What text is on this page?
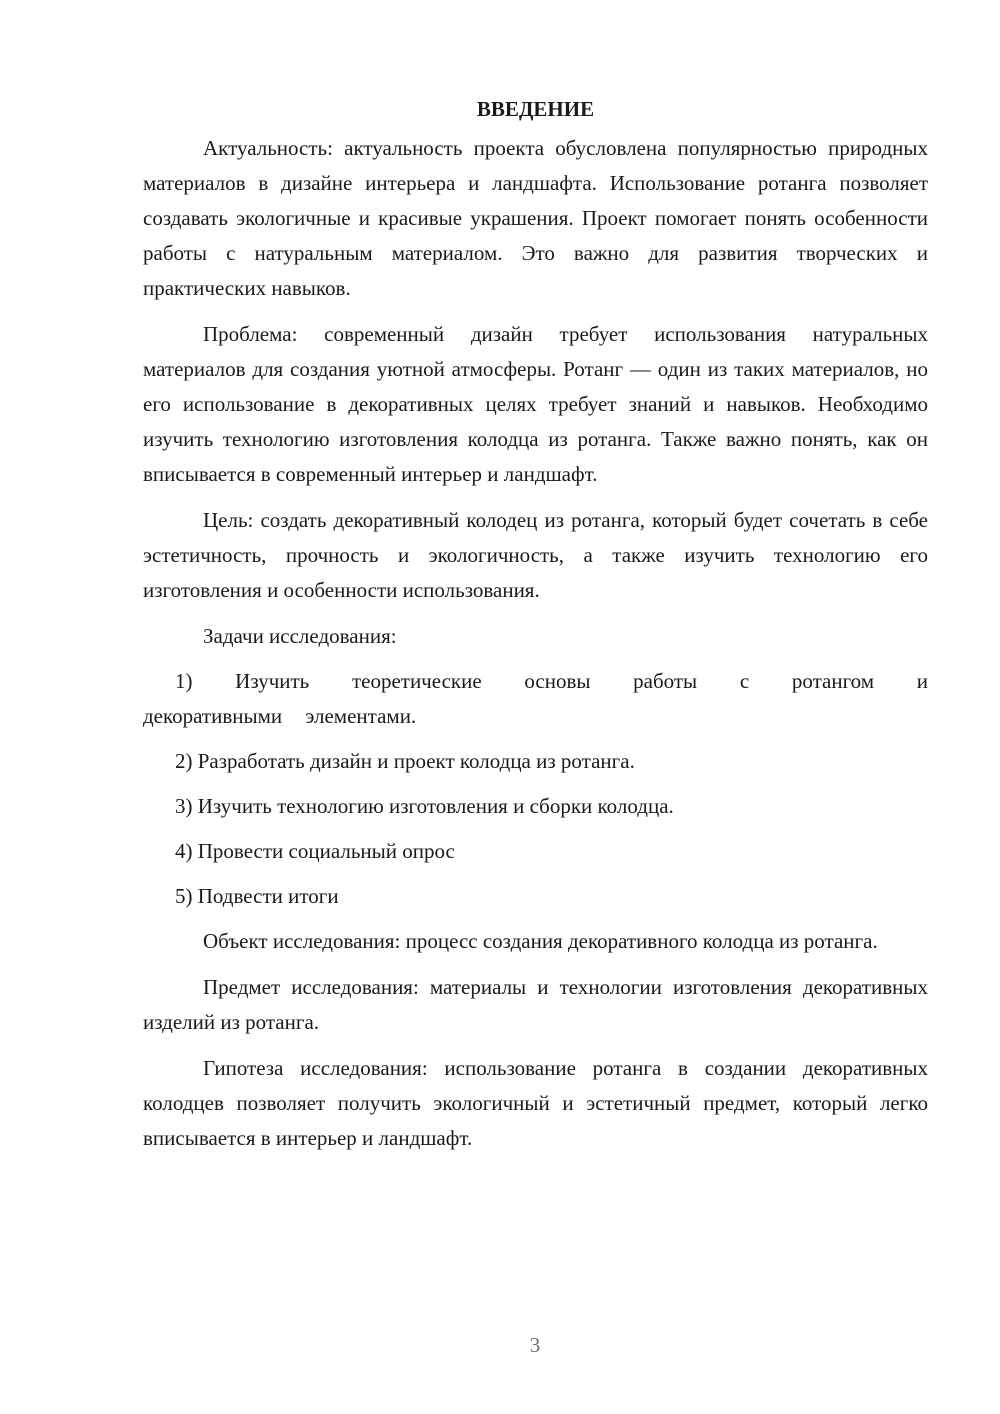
ВВЕДЕНИЕ

Актуальность: актуальность проекта обусловлена популярностью природных материалов в дизайне интерьера и ландшафта. Использование ротанга позволяет создавать экологичные и красивые украшения. Проект помогает понять особенности работы с натуральным материалом. Это важно для развития творческих и практических навыков.

Проблема: современный дизайн требует использования натуральных материалов для создания уютной атмосферы. Ротанг — один из таких материалов, но его использование в декоративных целях требует знаний и навыков. Необходимо изучить технологию изготовления колодца из ротанга. Также важно понять, как он вписывается в современный интерьер и ландшафт.

Цель: создать декоративный колодец из ротанга, который будет сочетать в себе эстетичность, прочность и экологичность, а также изучить технологию его изготовления и особенности использования.

Задачи исследования:

1) Изучить теоретические основы работы с ротангом и декоративными элементами.

2) Разработать дизайн и проект колодца из ротанга.

3) Изучить технологию изготовления и сборки колодца.

4) Провести социальный опрос

5) Подвести итоги

Объект исследования: процесс создания декоративного колодца из ротанга.

Предмет исследования: материалы и технологии изготовления декоративных изделий из ротанга.

Гипотеза исследования: использование ротанга в создании декоративных колодцев позволяет получить экологичный и эстетичный предмет, который легко вписывается в интерьер и ландшафт.

3
